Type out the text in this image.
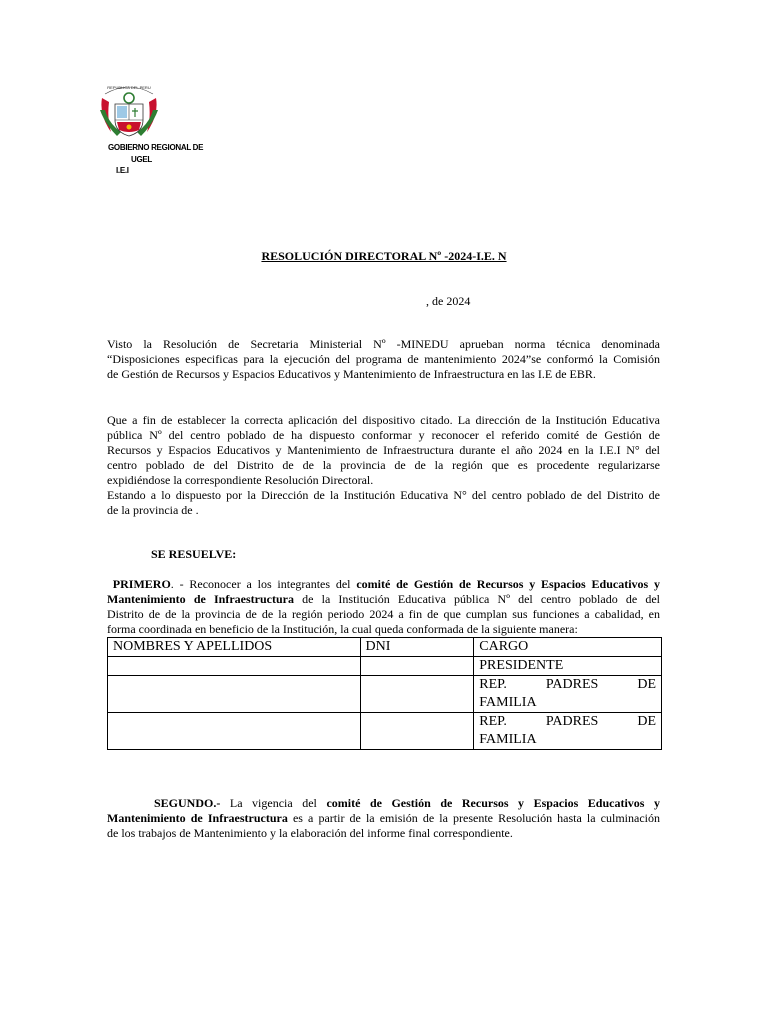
REPUBLICA DEL PERU
GOBIERNO REGIONAL DE
UGEL
I.E.I
RESOLUCIÓN DIRECTORAL Nº -2024-I.E. N
, de 2024
Visto la Resolución de Secretaria Ministerial Nº -MINEDU aprueban norma técnica denominada
“Disposiciones especificas para la ejecución del programa de mantenimiento 2024”se conformó la Comisión
de Gestión de Recursos y Espacios Educativos y Mantenimiento de Infraestructura en las I.E de EBR.
Que a fin de establecer la correcta aplicación del dispositivo citado. La dirección de la Institución Educativa
pública Nº del centro poblado de ha dispuesto conformar y reconocer el referido comité de Gestión de
Recursos y Espacios Educativos y Mantenimiento de Infraestructura durante el año 2024 en la I.E.I N° del
centro poblado de del Distrito de de la provincia de de la región que es procedente regularizarse
expidiéndose la correspondiente Resolución Directoral.
Estando a lo dispuesto por la Dirección de la Institución Educativa N° del centro poblado de del Distrito de
de la provincia de .
SE RESUELVE:
PRIMERO. - Reconocer a los integrantes del comité de Gestión de Recursos y Espacios Educativos y
Mantenimiento de Infraestructura de la Institución Educativa pública Nº del centro poblado de del
Distrito de de la provincia de de la región periodo 2024 a fin de que cumplan sus funciones a cabalidad, en
forma coordinada en beneficio de la Institución, la cual queda conformada de la siguiente manera:
NOMBRES Y APELLIDOS	DNI	CARGO

		PRESIDENTE

		REP. PADRES DE
FAMILIA

		REP. PADRES DE
FAMILIA
SEGUNDO.- La vigencia del comité de Gestión de Recursos y Espacios Educativos y
Mantenimiento de Infraestructura es a partir de la emisión de la presente Resolución hasta la culminación
de los trabajos de Mantenimiento y la elaboración del informe final correspondiente.
